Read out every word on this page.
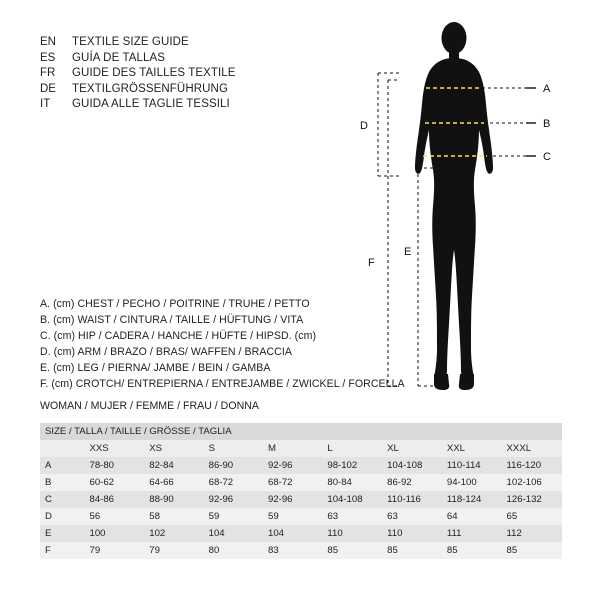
EN	TEXTILE SIZE GUIDE
ES	GUÍA DE TALLAS
FR	GUIDE DES TAILLES TEXTILE
DE	TEXTILGRÖSSENFÜHRUNG
IT	GUIDA ALLE TAGLIE TESSILI
A
B
C
D
E
F
A. (cm) CHEST / PECHO / POITRINE / TRUHE / PETTO
B. (cm) WAIST / CINTURA / TAILLE / HÜFTUNG / VITA
C. (cm) HIP / CADERA / HANCHE / HÜFTE / HIPSD. (cm)
D. (cm) ARM / BRAZO / BRAS/ WAFFEN / BRACCIA
E. (cm) LEG / PIERNA/ JAMBE / BEIN / GAMBA
F. (cm) CROTCH/ ENTREPIERNA / ENTREJAMBE / ZWICKEL / FORCELLA
WOMAN / MUJER / FEMME / FRAU / DONNA
SIZE / TALLA / TAILLE / GRÖSSE / TAGLIA								
	XXS	XS	S	M	L	XL	XXL	XXXL
A	78-80	82-84	86-90	92-96	98-102	104-108	110-114	116-120
B	60-62	64-66	68-72	68-72	80-84	86-92	94-100	102-106
C	84-86	88-90	92-96	92-96	104-108	110-116	118-124	126-132
D	56	58	59	59	63	63	64	65
E	100	102	104	104	110	110	111	112
F	79	79	80	83	85	85	85	85
